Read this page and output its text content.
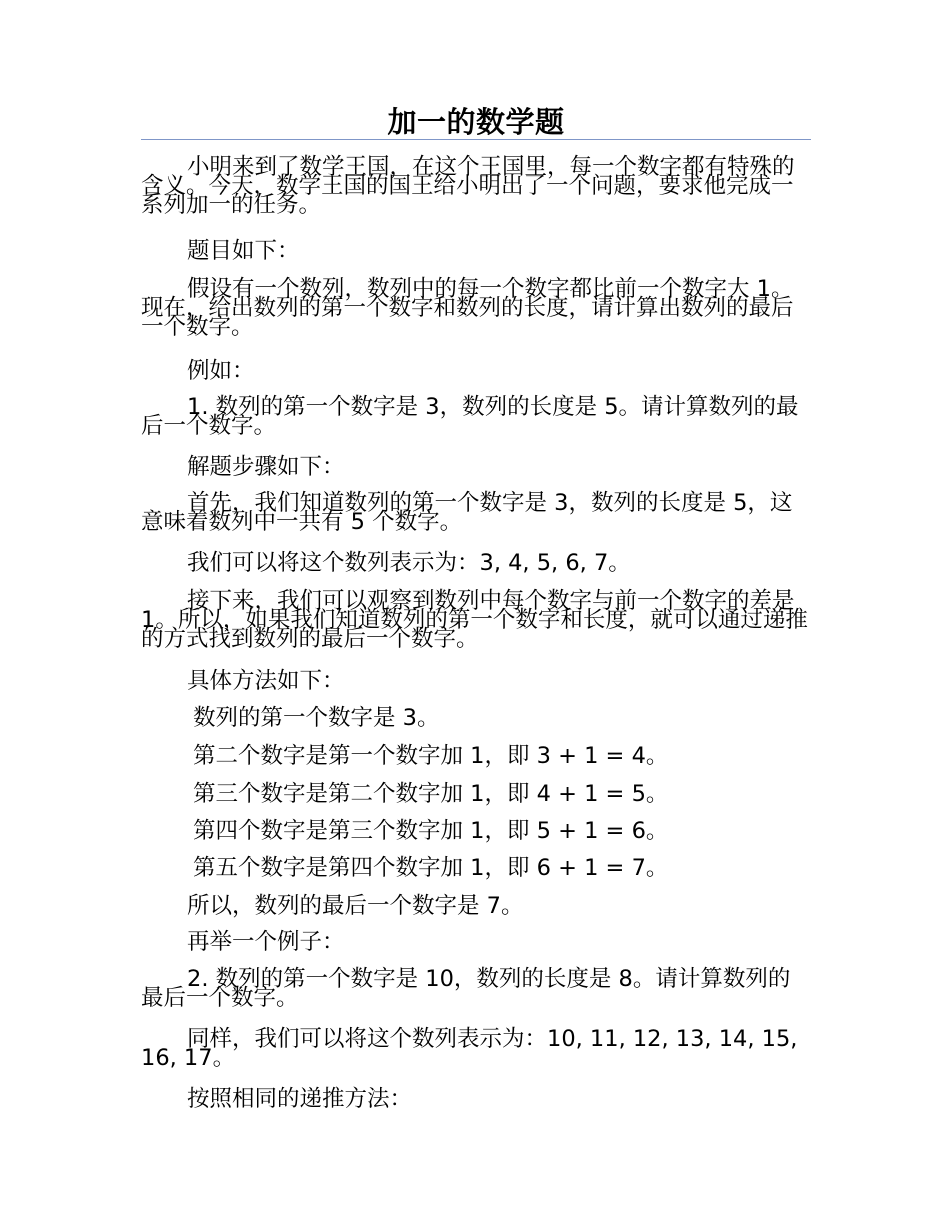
加一的数学题

小明来到了数学王国，在这个王国里，每一个数字都有特殊的含义。今天，数学王国的国王给小明出了一个问题，要求他完成一系列加一的任务。

题目如下：

假设有一个数列，数列中的每一个数字都比前一个数字大 1。现在，给出数列的第一个数字和数列的长度，请计算出数列的最后一个数字。

例如：

1. 数列的第一个数字是 3，数列的长度是 5。请计算数列的最后一个数字。

解题步骤如下：

首先，我们知道数列的第一个数字是 3，数列的长度是 5，这意味着数列中一共有 5 个数字。

我们可以将这个数列表示为：3, 4, 5, 6, 7。

接下来，我们可以观察到数列中每个数字与前一个数字的差是 1。所以，如果我们知道数列的第一个数字和长度，就可以通过递推的方式找到数列的最后一个数字。

具体方法如下：

数列的第一个数字是 3。

第二个数字是第一个数字加 1，即 3 + 1 = 4。

第三个数字是第二个数字加 1，即 4 + 1 = 5。

第四个数字是第三个数字加 1，即 5 + 1 = 6。

第五个数字是第四个数字加 1，即 6 + 1 = 7。

所以，数列的最后一个数字是 7。

再举一个例子：

2. 数列的第一个数字是 10，数列的长度是 8。请计算数列的最后一个数字。

同样，我们可以将这个数列表示为：10, 11, 12, 13, 14, 15, 16, 17。

按照相同的递推方法：
